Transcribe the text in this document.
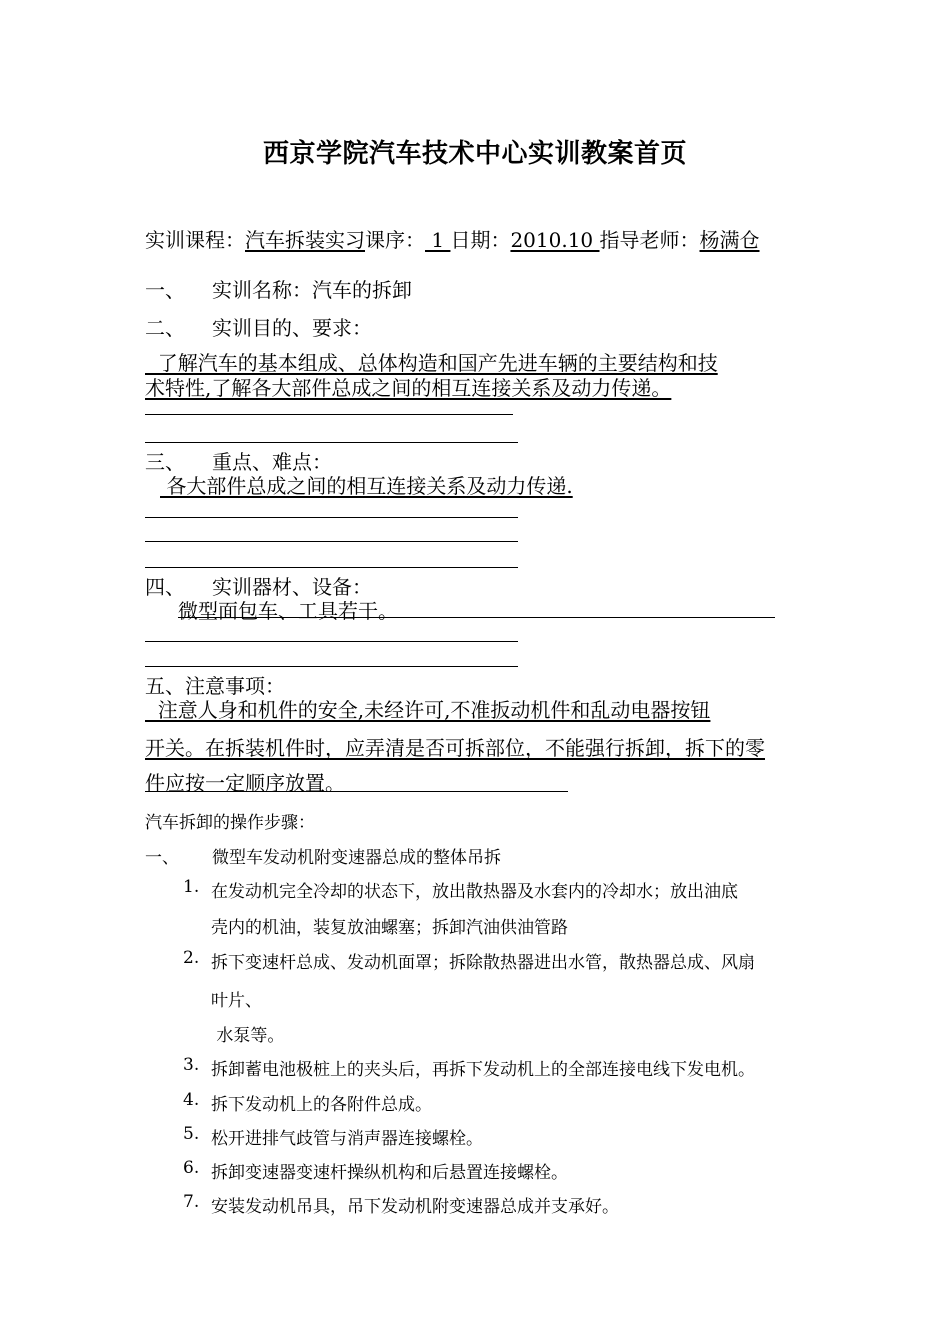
西京学院汽车技术中心实训教案首页
实训课程：汽车拆装实习课序： 1 日期：2010.10 指导老师：杨满仓
一、 实训名称：汽车的拆卸
二、 实训目的、要求：
了解汽车的基本组成、总体构造和国产先进车辆的主要结构和技
术特性,了解各大部件总成之间的相互连接关系及动力传递。
三、 重点、难点：
各大部件总成之间的相互连接关系及动力传递.
四、 实训器材、设备：
微型面包车、工具若干。
五、注意事项：
注意人身和机件的安全,未经许可,不准扳动机件和乱动电器按钮
开关。在拆装机件时，应弄清是否可拆部位，不能强行拆卸，拆下的零
件应按一定顺序放置。
汽车拆卸的操作步骤：
一、 微型车发动机附变速器总成的整体吊拆
1. 在发动机完全冷却的状态下，放出散热器及水套内的冷却水；放出油底
壳内的机油，装复放油螺塞；拆卸汽油供油管路
2. 拆下变速杆总成、发动机面罩；拆除散热器进出水管，散热器总成、风扇
叶片、
水泵等。
3. 拆卸蓄电池极桩上的夹头后，再拆下发动机上的全部连接电线下发电机。
4. 拆下发动机上的各附件总成。
5. 松开进排气歧管与消声器连接螺栓。
6. 拆卸变速器变速杆操纵机构和后悬置连接螺栓。
7. 安装发动机吊具，吊下发动机附变速器总成并支承好。
